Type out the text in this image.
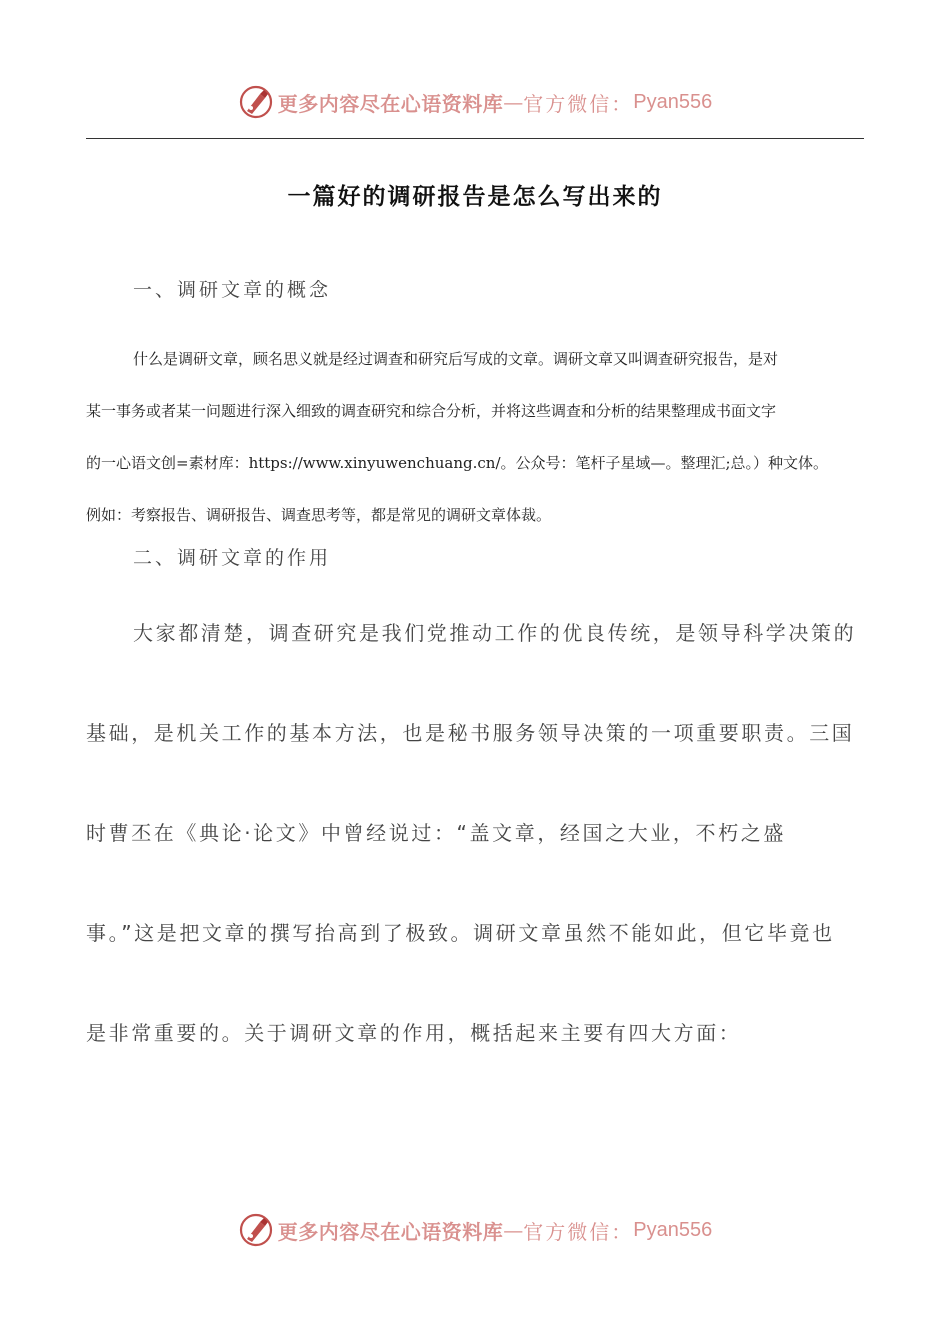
更多内容尽在心语资料库 — 官方微信： Pyan556
一篇好的调研报告是怎么写出来的
一、调研文章的概念
什么是调研文章，顾名思义就是经过调查和研究后写成的文章。调研文章又叫调查研究报告，是对
某一事务或者某一问题进行深入细致的调查研究和综合分析，并将这些调查和分析的结果整理成书面文字
的一心语文创=素材库：https://www.xinyuwenchuang.cn/。公众号：笔杆子星域—。整理汇;总。）种文体。
例如：考察报告、调研报告、调查思考等，都是常见的调研文章体裁。
二、调研文章的作用
大家都清楚，调查研究是我们党推动工作的优良传统，是领导科学决策的
基础，是机关工作的基本方法，也是秘书服务领导决策的一项重要职责。三国
时曹丕在《典论·论文》中曾经说过：“盖文章，经国之大业，不朽之盛
事。”这是把文章的撰写抬高到了极致。调研文章虽然不能如此，但它毕竟也
是非常重要的。关于调研文章的作用，概括起来主要有四大方面：
更多内容尽在心语资料库 — 官方微信： Pyan556
